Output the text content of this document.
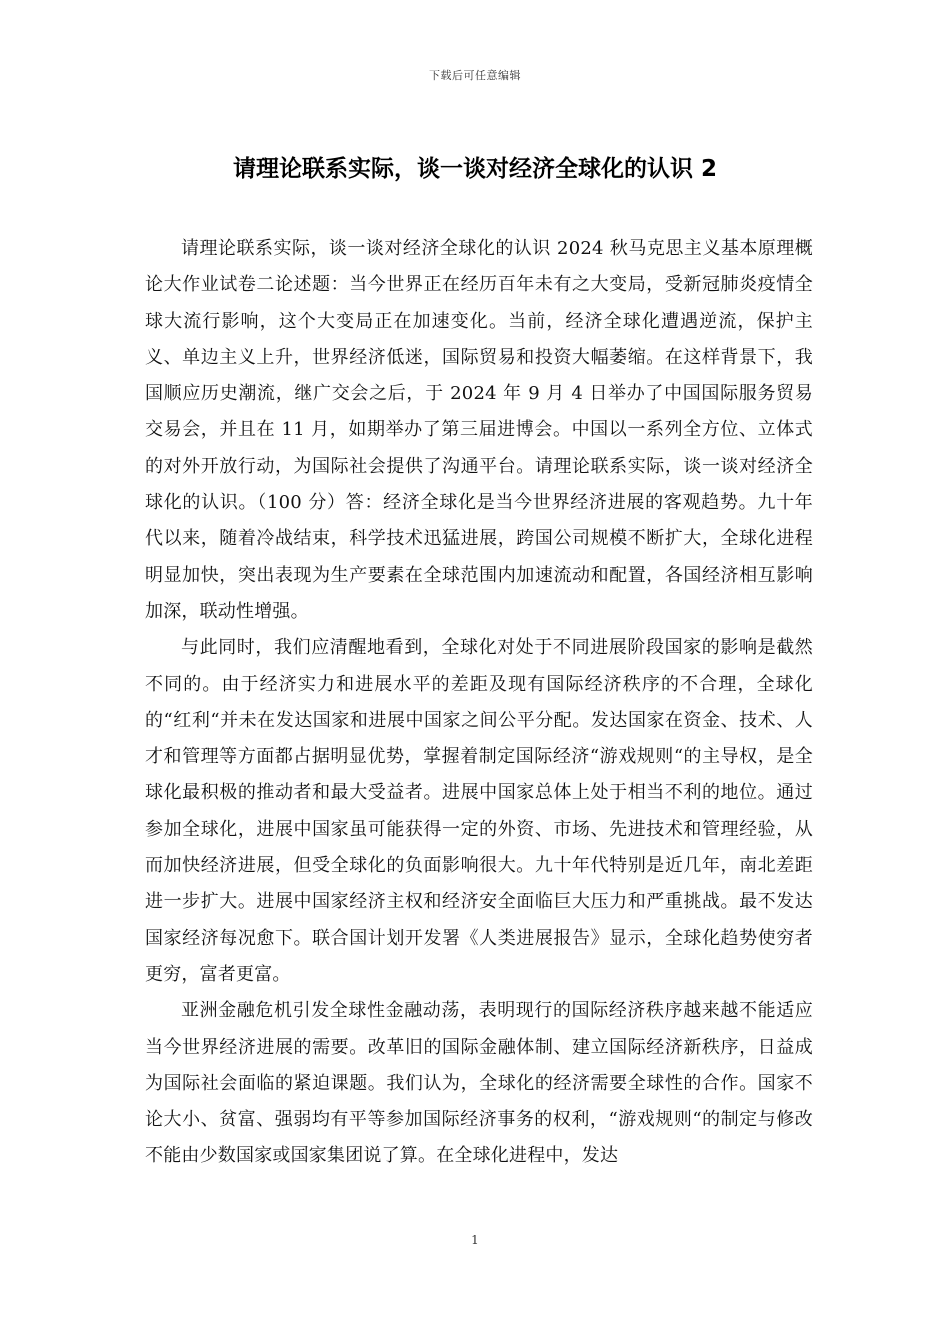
下载后可任意编辑
请理论联系实际，谈一谈对经济全球化的认识 2

请理论联系实际，谈一谈对经济全球化的认识 2024 秋马克思主义基本原理概论大作业试卷二论述题：当今世界正在经历百年未有之大变局，受新冠肺炎疫情全球大流行影响，这个大变局正在加速变化。当前，经济全球化遭遇逆流，保护主义、单边主义上升，世界经济低迷，国际贸易和投资大幅萎缩。在这样背景下，我国顺应历史潮流，继广交会之后，于 2024 年 9 月 4 日举办了中国国际服务贸易交易会，并且在 11 月，如期举办了第三届进博会。中国以一系列全方位、立体式的对外开放行动，为国际社会提供了沟通平台。请理论联系实际，谈一谈对经济全球化的认识。（100 分）答：经济全球化是当今世界经济进展的客观趋势。九十年代以来，随着冷战结束，科学技术迅猛进展，跨国公司规模不断扩大，全球化进程明显加快，突出表现为生产要素在全球范围内加速流动和配置，各国经济相互影响加深，联动性增强。

与此同时，我们应清醒地看到，全球化对处于不同进展阶段国家的影响是截然不同的。由于经济实力和进展水平的差距及现有国际经济秩序的不合理，全球化的“红利“并未在发达国家和进展中国家之间公平分配。发达国家在资金、技术、人才和管理等方面都占据明显优势，掌握着制定国际经济“游戏规则“的主导权，是全球化最积极的推动者和最大受益者。进展中国家总体上处于相当不利的地位。通过参加全球化，进展中国家虽可能获得一定的外资、市场、先进技术和管理经验，从而加快经济进展，但受全球化的负面影响很大。九十年代特别是近几年，南北差距进一步扩大。进展中国家经济主权和经济安全面临巨大压力和严重挑战。最不发达国家经济每况愈下。联合国计划开发署《人类进展报告》显示，全球化趋势使穷者更穷，富者更富。

亚洲金融危机引发全球性金融动荡，表明现行的国际经济秩序越来越不能适应当今世界经济进展的需要。改革旧的国际金融体制、建立国际经济新秩序，日益成为国际社会面临的紧迫课题。我们认为，全球化的经济需要全球性的合作。国家不论大小、贫富、强弱均有平等参加国际经济事务的权利，“游戏规则“的制定与修改不能由少数国家或国家集团说了算。在全球化进程中，发达

1
